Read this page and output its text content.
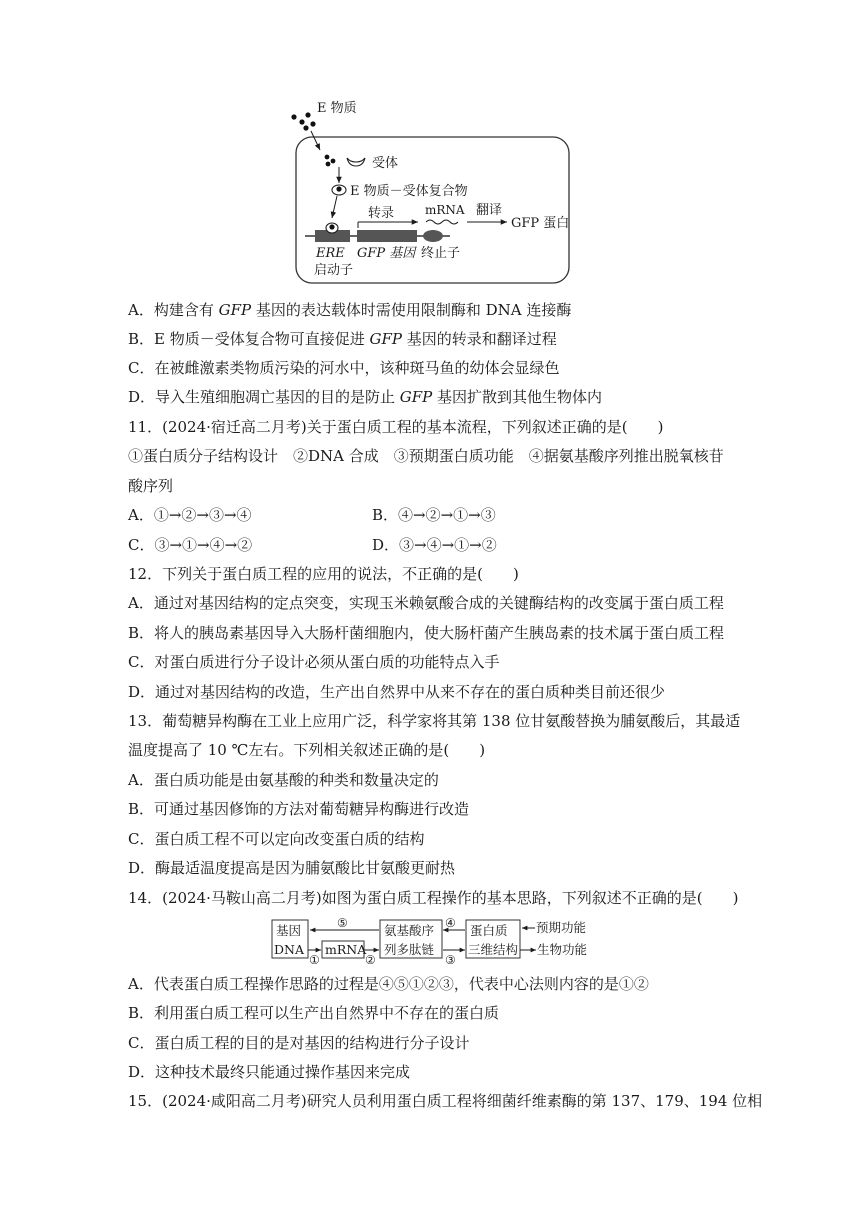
E 物质
受体
E 物质－受体复合物
转录	mRNA 翻译
GFP 蛋白
ERE
启动子
GFP 基因 终止子
A．构建含有 GFP 基因的表达载体时需使用限制酶和 DNA 连接酶
B．E 物质－受体复合物可直接促进 GFP 基因的转录和翻译过程
C．在被雌激素类物质污染的河水中，该种斑马鱼的幼体会显绿色
D．导入生殖细胞凋亡基因的目的是防止 GFP 基因扩散到其他生物体内
11．(2024·宿迁高二月考)关于蛋白质工程的基本流程，下列叙述正确的是(　　)
①蛋白质分子结构设计　②DNA 合成　③预期蛋白质功能　④据氨基酸序列推出脱氧核苷
酸序列
A．①→②→③→④	B．④→②→①→③
C．③→①→④→②	D．③→④→①→②
12．下列关于蛋白质工程的应用的说法，不正确的是(　　)
A．通过对基因结构的定点突变，实现玉米赖氨酸合成的关键酶结构的改变属于蛋白质工程
B．将人的胰岛素基因导入大肠杆菌细胞内，使大肠杆菌产生胰岛素的技术属于蛋白质工程
C．对蛋白质进行分子设计必须从蛋白质的功能特点入手
D．通过对基因结构的改造，生产出自然界中从来不存在的蛋白质种类目前还很少
13．葡萄糖异构酶在工业上应用广泛，科学家将其第 138 位甘氨酸替换为脯氨酸后，其最适
温度提高了 10 ℃左右。下列相关叙述正确的是(　　)
A．蛋白质功能是由氨基酸的种类和数量决定的
B．可通过基因修饰的方法对葡萄糖异构酶进行改造
C．蛋白质工程不可以定向改变蛋白质的结构
D．酶最适温度提高是因为脯氨酸比甘氨酸更耐热
14．(2024·马鞍山高二月考)如图为蛋白质工程操作的基本思路，下列叙述不正确的是(　　)
基因
DNA mRNA
氨基酸序
列多肽链
蛋白质
三维结构
⑤
①	②
④
③
预期功能
生物功能
A．代表蛋白质工程操作思路的过程是④⑤①②③，代表中心法则内容的是①②
B．利用蛋白质工程可以生产出自然界中不存在的蛋白质
C．蛋白质工程的目的是对基因的结构进行分子设计
D．这种技术最终只能通过操作基因来完成
15．(2024·咸阳高二月考)研究人员利用蛋白质工程将细菌纤维素酶的第 137、179、194 位相
